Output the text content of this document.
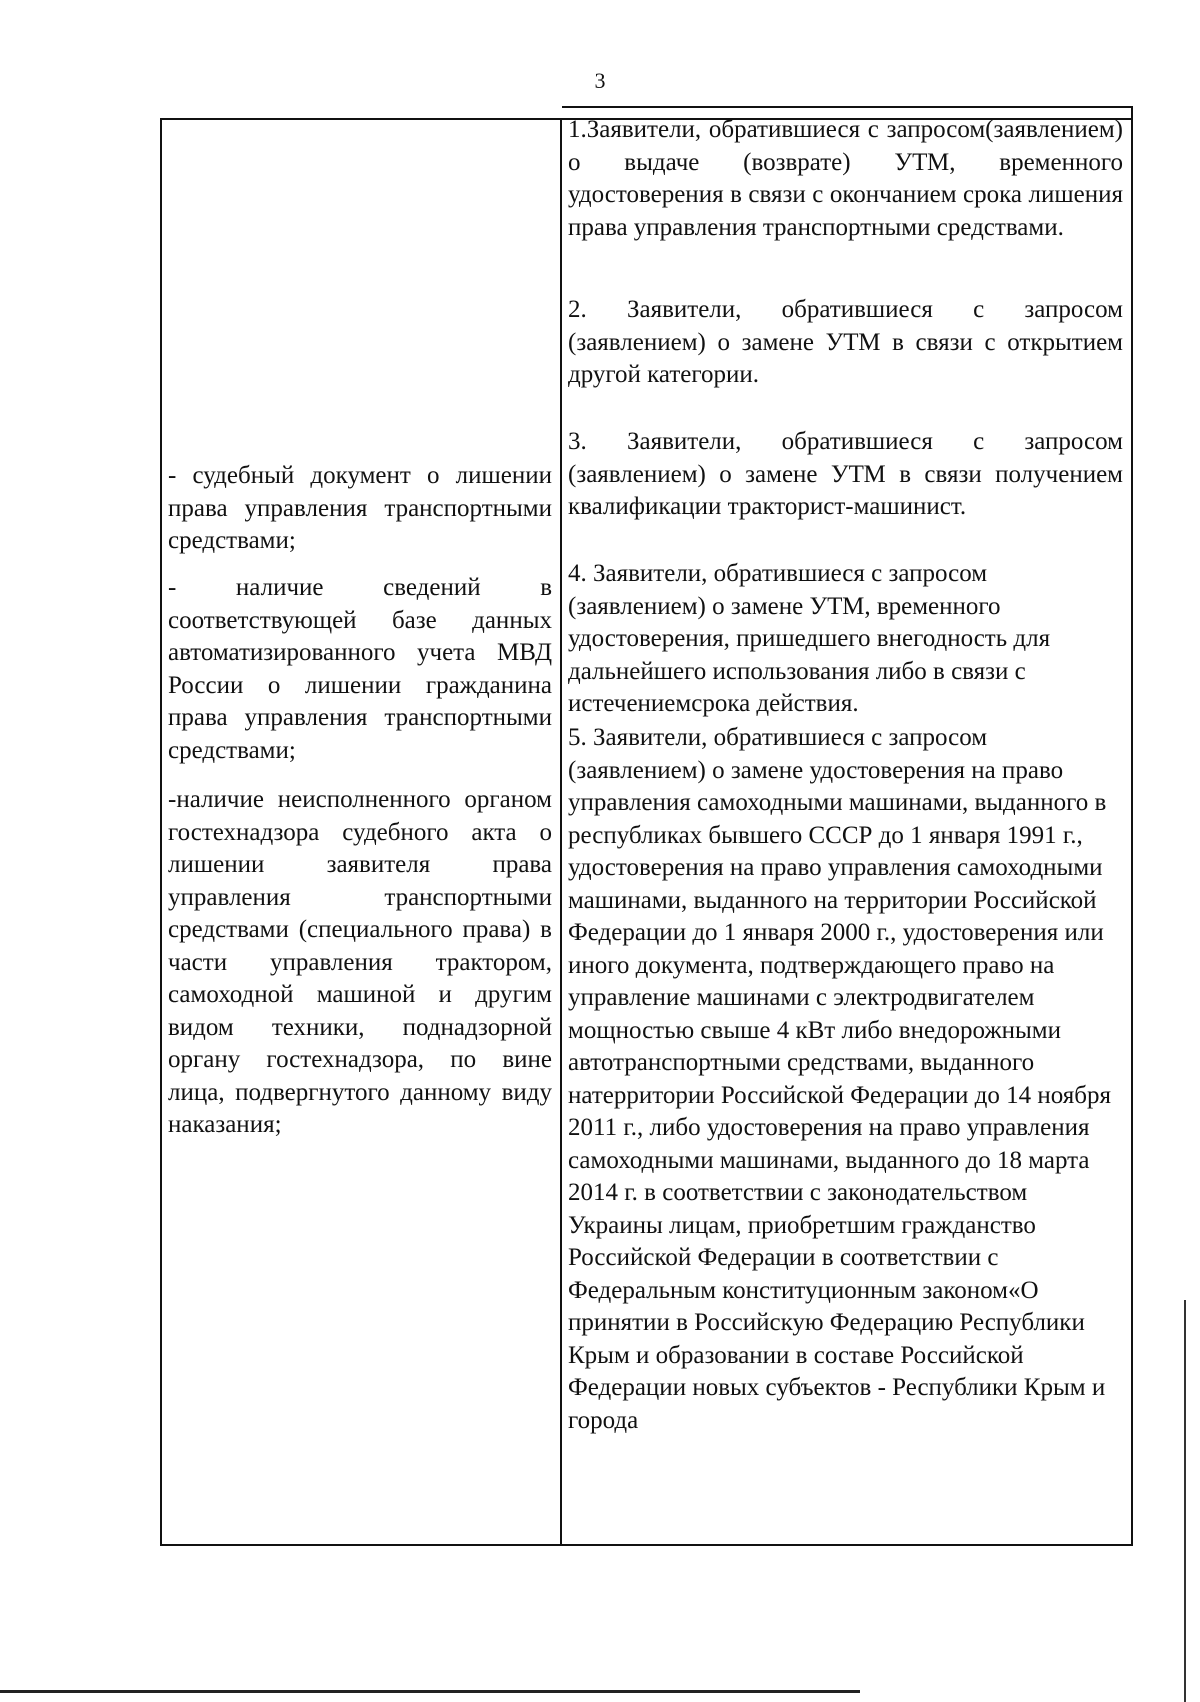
3
- судебный документ о лишении права управления транспортными средствами;
- наличие сведений в соответствующей базе данных автоматизированного учета МВД России о лишении гражданина права управления транспортными средствами;
-наличие неисполненного органом гостехнадзора судебного акта о лишении заявителя права управления транспортными средствами (специального права) в части управления трактором, самоходной машиной и другим видом техники, поднадзорной органу гостехнадзора, по вине лица, подвергнутого данному виду наказания;
1.Заявители, обратившиеся с запросом(заявлением) о выдаче (возврате) УТМ, временного удостоверения в связи с окончанием срока лишения права управления транспортными средствами.
2. Заявители, обратившиеся с запросом (заявлением) о замене УТМ в связи с открытием другой категории.
3. Заявители, обратившиеся с запросом (заявлением) о замене УТМ в связи получением квалификации тракторист-машинист.
4. Заявители, обратившиеся с запросом (заявлением) о замене УТМ, временного удостоверения, пришедшего внегодность для дальнейшего использования либо в связи с истечениемсрока действия.
5. Заявители, обратившиеся с запросом (заявлением) о замене удостоверения на право управления самоходными машинами, выданного в республиках бывшего СССР до 1 января 1991 г., удостоверения на право управления самоходными машинами, выданного на территории Российской Федерации до 1 января 2000 г., удостоверения или иного документа, подтверждающего право на управление машинами с электродвигателем мощностью свыше 4 кВт либо внедорожными автотранспортными средствами, выданного натерритории Российской Федерации до 14 ноября 2011 г., либо удостоверения на право управления самоходными машинами, выданного до 18 марта 2014 г. в соответствии с законодательством Украины лицам, приобретшим гражданство Российской Федерации в соответствии с Федеральным конституционным законом«О принятии в Российскую Федерацию Республики Крым и образовании в составе Российской Федерации новых субъектов - Республики Крым и города
